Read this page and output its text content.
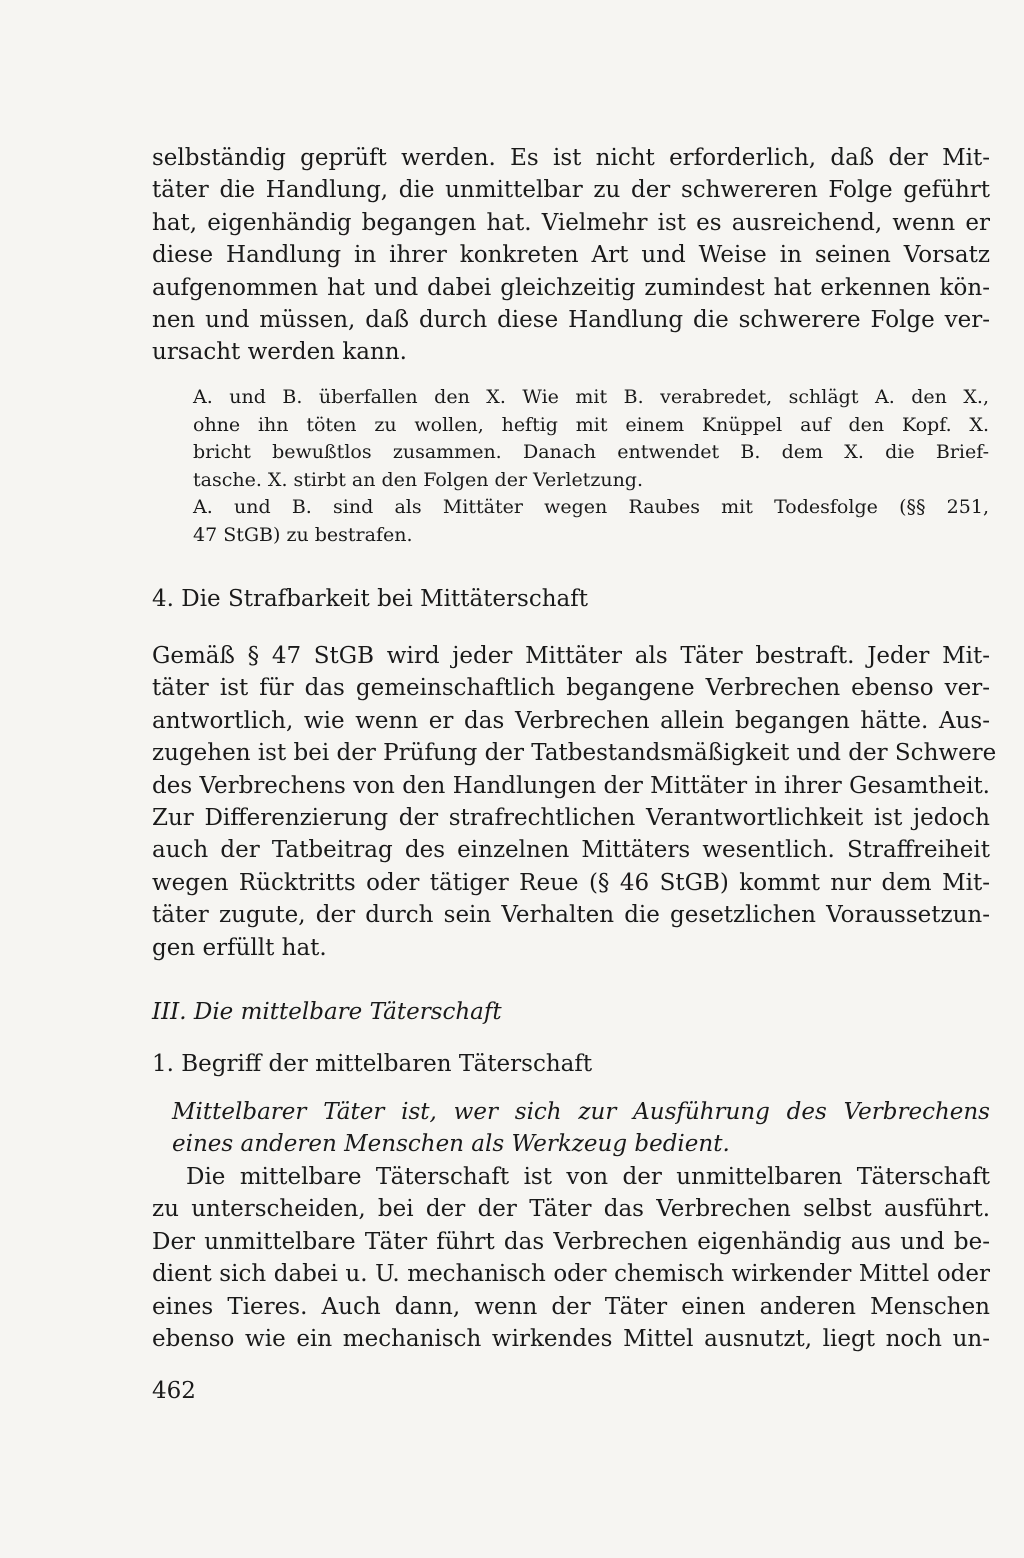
selbständig geprüft werden. Es ist nicht erforderlich, daß der Mit-
täter die Handlung, die unmittelbar zu der schwereren Folge geführt
hat, eigenhändig begangen hat. Vielmehr ist es ausreichend, wenn er
diese Handlung in ihrer konkreten Art und Weise in seinen Vorsatz
aufgenommen hat und dabei gleichzeitig zumindest hat erkennen kön-
nen und müssen, daß durch diese Handlung die schwerere Folge ver-
ursacht werden kann.
A. und B. überfallen den X. Wie mit B. verabredet, schlägt A. den X.,
ohne ihn töten zu wollen, heftig mit einem Knüppel auf den Kopf. X.
bricht bewußtlos zusammen. Danach entwendet B. dem X. die Brief-
tasche. X. stirbt an den Folgen der Verletzung.
A. und B. sind als Mittäter wegen Raubes mit Todesfolge (§§ 251,
47 StGB) zu bestrafen.
4. Die Strafbarkeit bei Mittäterschaft
Gemäß § 47 StGB wird jeder Mittäter als Täter bestraft. Jeder Mit-
täter ist für das gemeinschaftlich begangene Verbrechen ebenso ver-
antwortlich, wie wenn er das Verbrechen allein begangen hätte. Aus-
zugehen ist bei der Prüfung der Tatbestandsmäßigkeit und der Schwere
des Verbrechens von den Handlungen der Mittäter in ihrer Gesamtheit.
Zur Differenzierung der strafrechtlichen Verantwortlichkeit ist jedoch
auch der Tatbeitrag des einzelnen Mittäters wesentlich. Straffreiheit
wegen Rücktritts oder tätiger Reue (§ 46 StGB) kommt nur dem Mit-
täter zugute, der durch sein Verhalten die gesetzlichen Voraussetzun-
gen erfüllt hat.
III. Die mittelbare Täterschaft
1. Begriff der mittelbaren Täterschaft
Mittelbarer Täter ist, wer sich zur Ausführung des Verbrechens
eines anderen Menschen als Werkzeug bedient.
Die mittelbare Täterschaft ist von der unmittelbaren Täterschaft
zu unterscheiden, bei der der Täter das Verbrechen selbst ausführt.
Der unmittelbare Täter führt das Verbrechen eigenhändig aus und be-
dient sich dabei u. U. mechanisch oder chemisch wirkender Mittel oder
eines Tieres. Auch dann, wenn der Täter einen anderen Menschen
ebenso wie ein mechanisch wirkendes Mittel ausnutzt, liegt noch un-
462
